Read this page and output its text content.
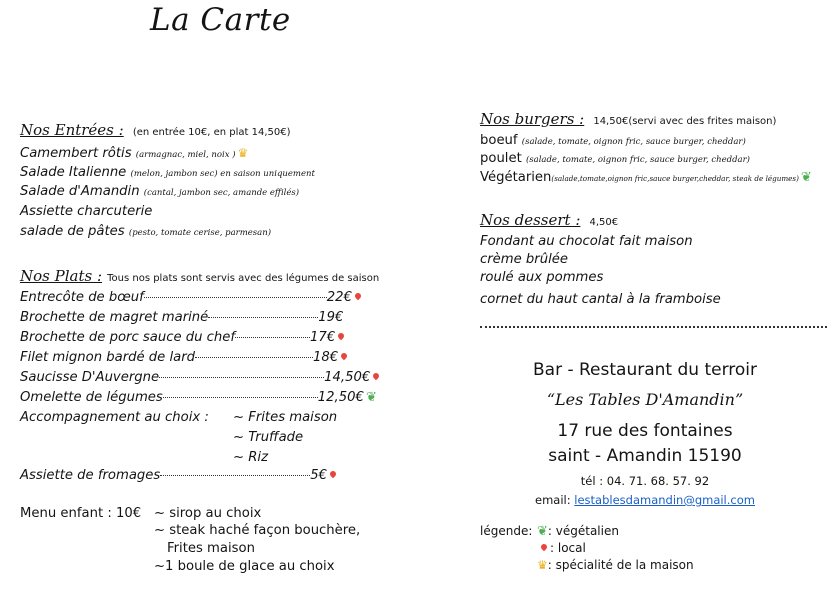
La Carte
Nos Entrées : (en entrée 10€, en plat 14,50€)
Camembert rôtis (armagnac, miel, noix ) ♛
Salade Italienne (melon, jambon sec) en saison uniquement
Salade d'Amandin (cantal, jambon sec, amande effilés)
Assiette charcuterie
salade de pâtes (pesto, tomate cerise, parmesan)
Nos Plats : Tous nos plats sont servis avec des légumes de saison
Entrecôte de bœuf	22€
Brochette de magret mariné	19€
Brochette de porc sauce du chef	17€
Filet mignon bardé de lard	18€
Saucisse D'Auvergne	14,50€
Omelette de légumes	12,50€ ❦
Accompagnement au choix : ~ Frites maison
~ Truffade
~ Riz
Assiette de fromages	5€
Menu enfant : 10€ ~ sirop au choix
~ steak haché façon bouchère,
Frites maison
~1 boule de glace au choix
Nos burgers : 14,50€(servi avec des frites maison)
boeuf (salade, tomate, oignon fric, sauce burger, cheddar)
poulet (salade, tomate, oignon fric, sauce burger, cheddar)
Végétarien(salade,tomate,oignon fric,sauce burger,cheddar, steak de légumes) ❦
Nos dessert : 4,50€
Fondant au chocolat fait maison
crème brûlée
roulé aux pommes
cornet du haut cantal à la framboise
Bar - Restaurant du terroir
“Les Tables D'Amandin”
17 rue des fontaines
saint - Amandin 15190
tél : 04. 71. 68. 57. 92
email: lestablesdamandin@gmail.com
légende: ❦: végétalien
: local
♛: spécialité de la maison
